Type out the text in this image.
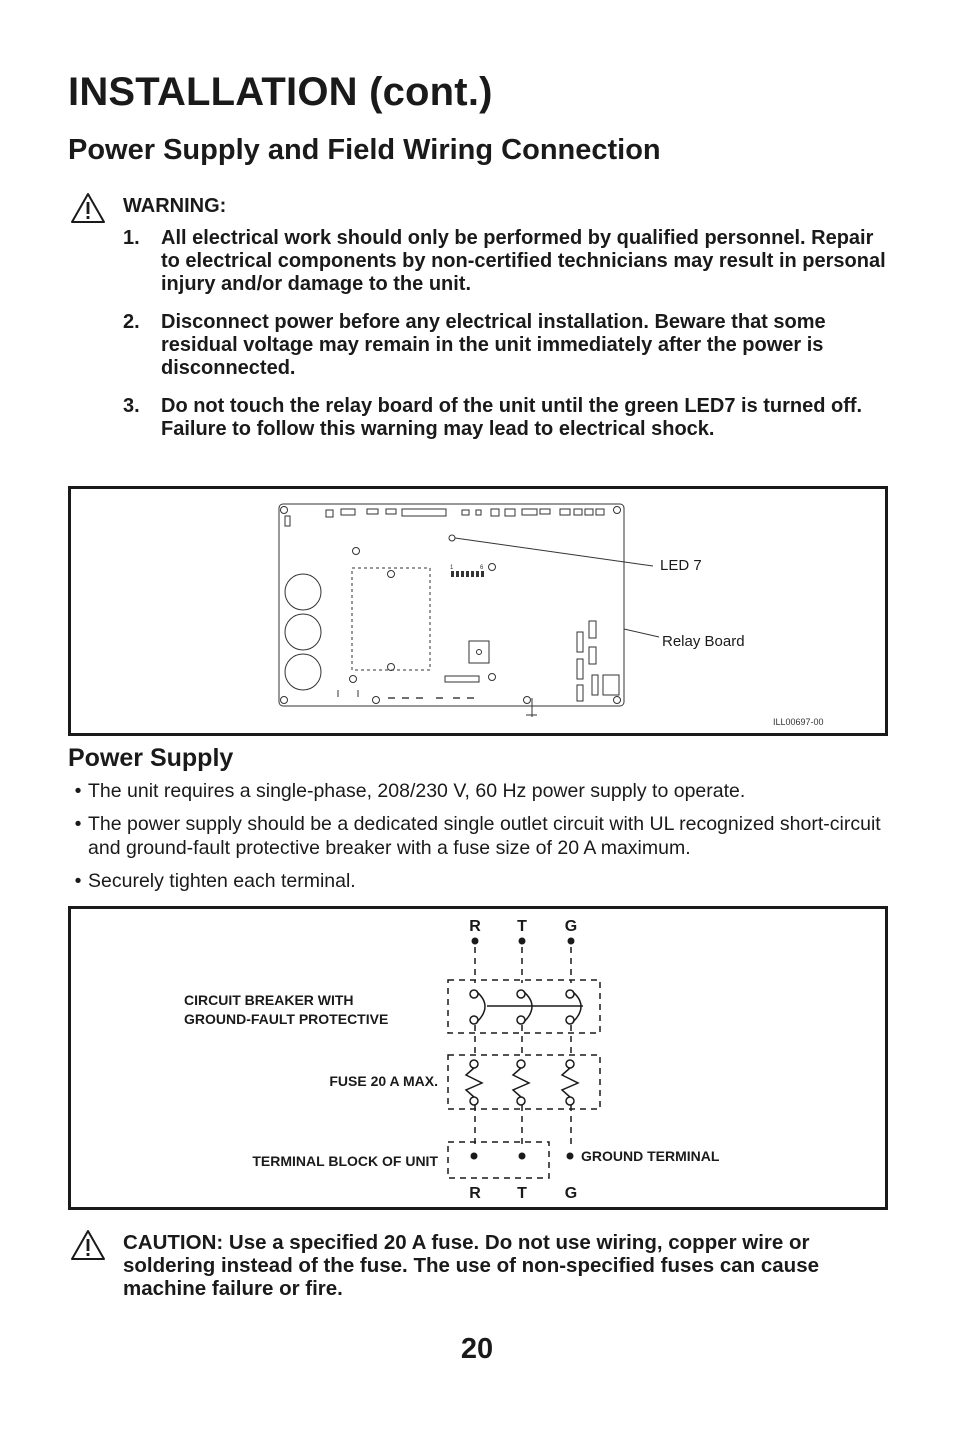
INSTALLATION (cont.)
Power Supply and Field Wiring Connection
WARNING:
1.	All electrical work should only be performed by qualified personnel. Repair to electrical components by non-certified technicians may result in personal injury and/or damage to the unit.
2.	Disconnect power before any electrical installation. Beware that some residual voltage may remain in the unit immediately after the power is disconnected.
3.	Do not touch the relay board of the unit until the green LED7 is turned off. Failure to follow this warning may lead to electrical shock.
1	6	LED 7
Relay Board
ILL00697-00
Power Supply
• The unit requires a single-phase, 208/230 V, 60 Hz power supply to operate.
• The power supply should be a dedicated single outlet circuit with UL recognized short-circuit and ground-fault protective breaker with a fuse size of 20 A maximum.
• Securely tighten each terminal.
R T G
CIRCUIT BREAKER WITH
GROUND-FAULT PROTECTIVE
FUSE 20 A MAX.
TERMINAL BLOCK OF UNIT	GROUND TERMINAL
R T G
CAUTION: Use a specified 20 A fuse. Do not use wiring, copper wire or soldering instead of the fuse. The use of non-specified fuses can cause machine failure or fire.
20
